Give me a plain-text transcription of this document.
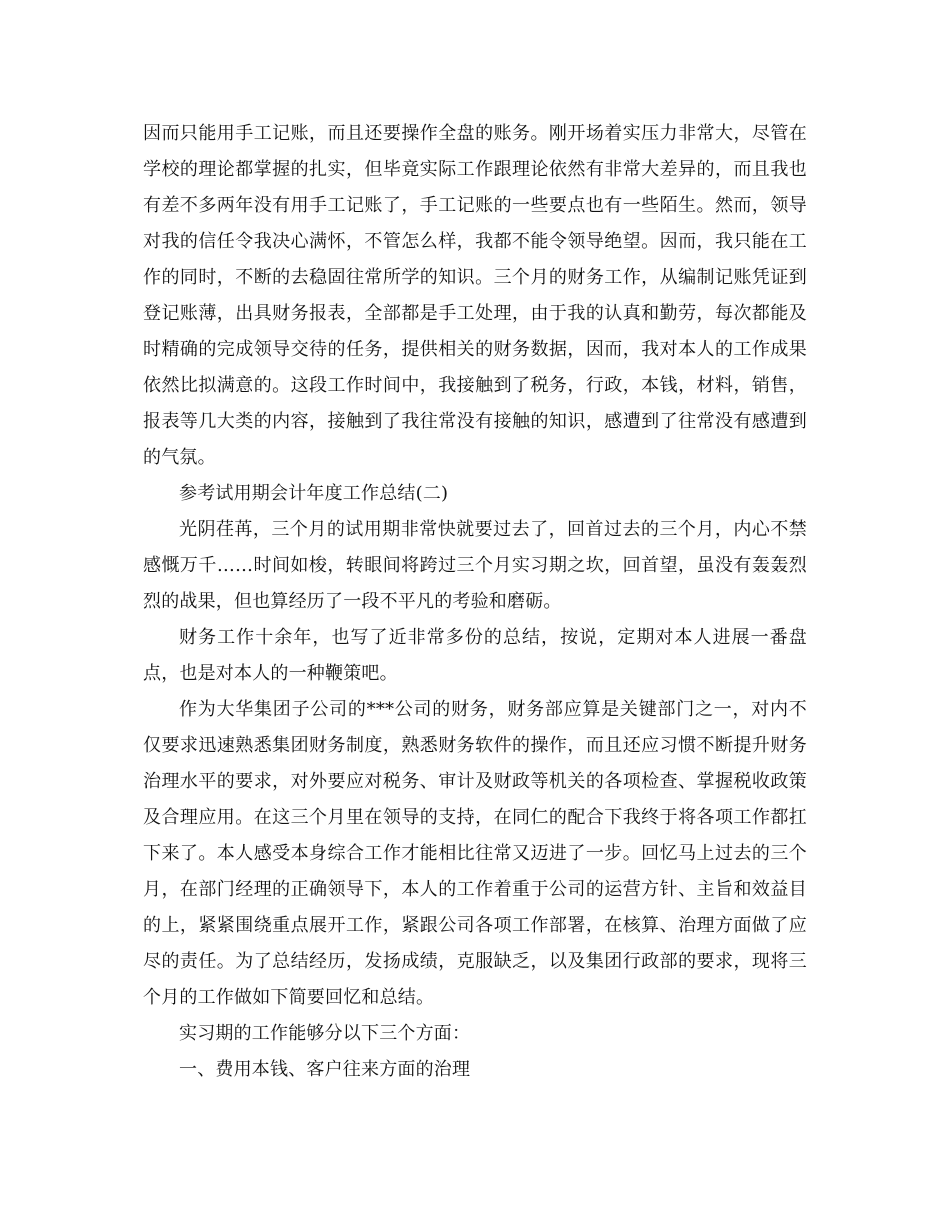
因而只能用手工记账，而且还要操作全盘的账务。刚开场着实压力非常大，尽管在学校的理论都掌握的扎实，但毕竟实际工作跟理论依然有非常大差异的，而且我也有差不多两年没有用手工记账了，手工记账的一些要点也有一些陌生。然而，领导对我的信任令我决心满怀，不管怎么样，我都不能令领导绝望。因而，我只能在工作的同时，不断的去稳固往常所学的知识。三个月的财务工作，从编制记账凭证到登记账薄，出具财务报表，全部都是手工处理，由于我的认真和勤劳，每次都能及时精确的完成领导交待的任务，提供相关的财务数据，因而，我对本人的工作成果依然比拟满意的。这段工作时间中，我接触到了税务，行政，本钱，材料，销售，报表等几大类的内容，接触到了我往常没有接触的知识，感遭到了往常没有感遭到的气氛。

参考试用期会计年度工作总结(二)

光阴荏苒，三个月的试用期非常快就要过去了，回首过去的三个月，内心不禁感慨万千……时间如梭，转眼间将跨过三个月实习期之坎，回首望，虽没有轰轰烈烈的战果，但也算经历了一段不平凡的考验和磨砺。

财务工作十余年，也写了近非常多份的总结，按说，定期对本人进展一番盘点，也是对本人的一种鞭策吧。

作为大华集团子公司的***公司的财务，财务部应算是关键部门之一，对内不仅要求迅速熟悉集团财务制度，熟悉财务软件的操作，而且还应习惯不断提升财务治理水平的要求，对外要应对税务、审计及财政等机关的各项检查、掌握税收政策及合理应用。在这三个月里在领导的支持，在同仁的配合下我终于将各项工作都扛下来了。本人感受本身综合工作才能相比往常又迈进了一步。回忆马上过去的三个月，在部门经理的正确领导下，本人的工作着重于公司的运营方针、主旨和效益目的上，紧紧围绕重点展开工作，紧跟公司各项工作部署，在核算、治理方面做了应尽的责任。为了总结经历，发扬成绩，克服缺乏，以及集团行政部的要求，现将三个月的工作做如下简要回忆和总结。

实习期的工作能够分以下三个方面：

一、费用本钱、客户往来方面的治理
